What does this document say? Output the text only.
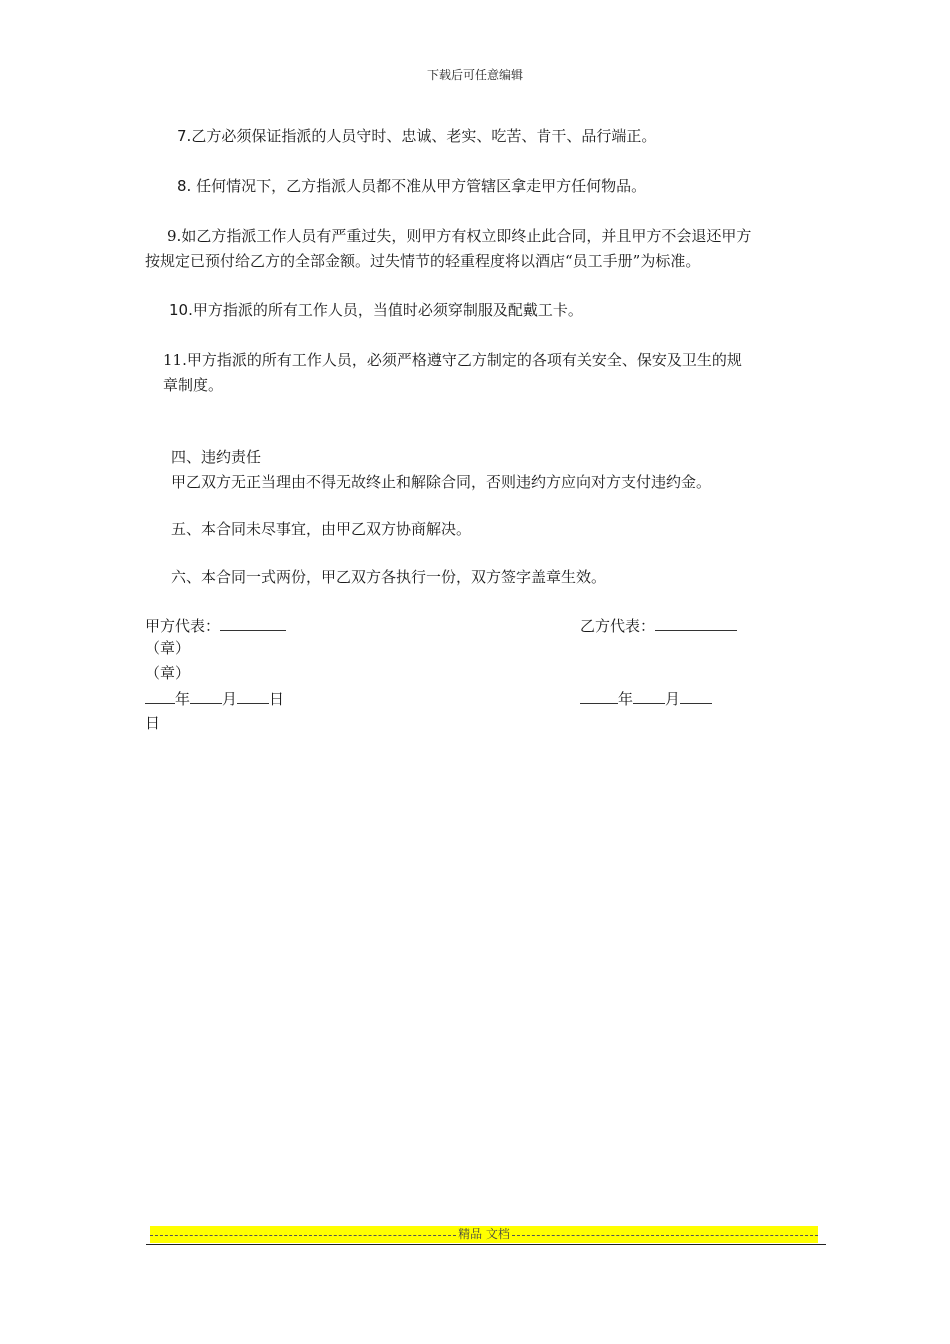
下载后可任意编辑
7.乙方必须保证指派的人员守时、忠诚、老实、吃苦、肯干、品行端正。
8. 任何情况下，乙方指派人员都不准从甲方管辖区拿走甲方任何物品。
9.如乙方指派工作人员有严重过失，则甲方有权立即终止此合同，并且甲方不会退还甲方
按规定已预付给乙方的全部金额。过失情节的轻重程度将以酒店“员工手册”为标准。
10.甲方指派的所有工作人员，当值时必须穿制服及配戴工卡。
11.甲方指派的所有工作人员，必须严格遵守乙方制定的各项有关安全、保安及卫生的规
章制度。
四、违约责任
甲乙双方无正当理由不得无故终止和解除合同，否则违约方应向对方支付违约金。
五、本合同未尽事宜，由甲乙双方协商解决。
六、本合同一式两份，甲乙双方各执行一份，双方签字盖章生效。
甲方代表：	乙方代表：
（章）
（章）
年 月 日
日
年 月
精品 文档
